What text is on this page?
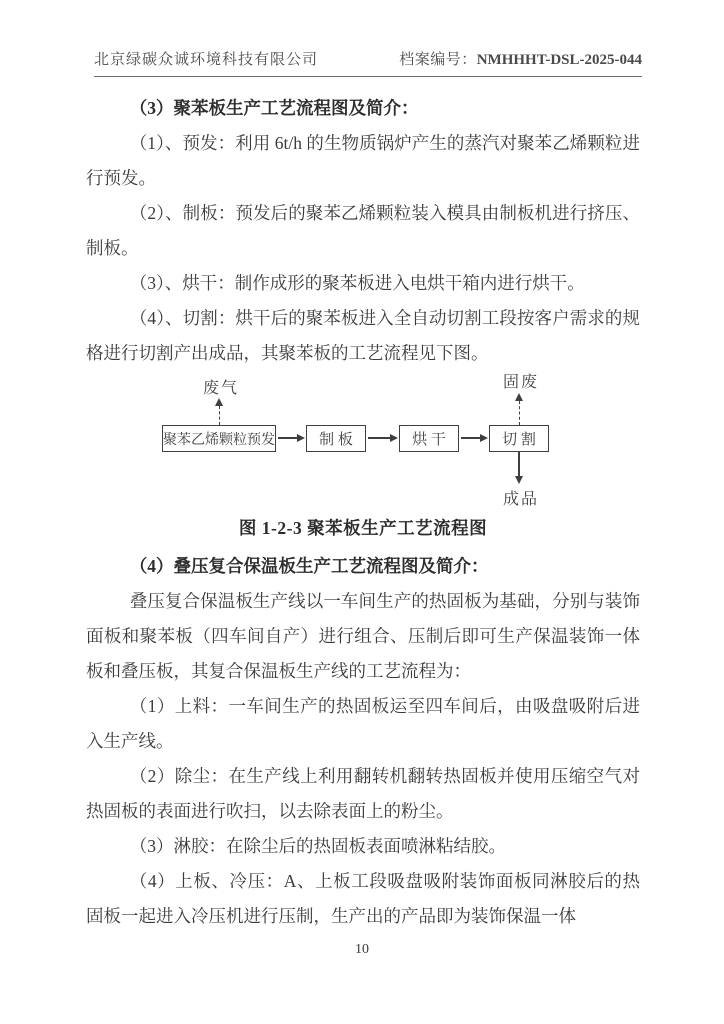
北京绿碳众诚环境科技有限公司	档案编号：NMHHHT-DSL-2025-044

（3）聚苯板生产工艺流程图及简介：

（1）、预发：利用 6t/h 的生物质锅炉产生的蒸汽对聚苯乙烯颗粒进行预发。

（2）、制板：预发后的聚苯乙烯颗粒装入模具由制板机进行挤压、制板。

（3）、烘干：制作成形的聚苯板进入电烘干箱内进行烘干。

（4）、切割：烘干后的聚苯板进入全自动切割工段按客户需求的规格进行切割产出成品，其聚苯板的工艺流程见下图。

废气
聚苯乙烯颗粒预发	制 板	烘 干	切 割
固废
成品
图 1-2-3 聚苯板生产工艺流程图

（4）叠压复合保温板生产工艺流程图及简介：

叠压复合保温板生产线以一车间生产的热固板为基础，分别与装饰面板和聚苯板（四车间自产）进行组合、压制后即可生产保温装饰一体板和叠压板，其复合保温板生产线的工艺流程为：

（1）上料：一车间生产的热固板运至四车间后，由吸盘吸附后进入生产线。

（2）除尘：在生产线上利用翻转机翻转热固板并使用压缩空气对热固板的表面进行吹扫，以去除表面上的粉尘。

（3）淋胶：在除尘后的热固板表面喷淋粘结胶。

（4）上板、冷压：A、上板工段吸盘吸附装饰面板同淋胶后的热固板一起进入冷压机进行压制，生产出的产品即为装饰保温一体

10
